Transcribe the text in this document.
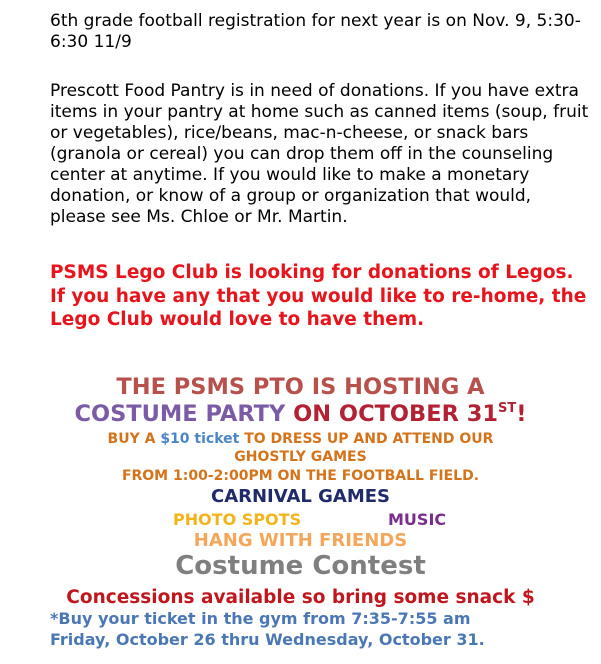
6th grade football registration for next year is on Nov. 9, 5:30-6:30 11/9
Prescott Food Pantry is in need of donations. If you have extra items in your pantry at home such as canned items (soup, fruit or vegetables), rice/beans, mac-n-cheese, or snack bars (granola or cereal) you can drop them off in the counseling center at anytime. If you would like to make a monetary donation, or know of a group or organization that would, please see Ms. Chloe or Mr. Martin.
PSMS Lego Club is looking for donations of Legos. If you have any that you would like to re-home, the Lego Club would love to have them.
THE PSMS PTO IS HOSTING A
COSTUME PARTY ON OCTOBER 31ST!
BUY A $10 ticket TO DRESS UP AND ATTEND OUR
GHOSTLY GAMES
FROM 1:00-2:00PM ON THE FOOTBALL FIELD.
CARNIVAL GAMES
PHOTO SPOTS	MUSIC
HANG WITH FRIENDS
Costume Contest
Concessions available so bring some snack $
*Buy your ticket in the gym from 7:35-7:55 am
Friday, October 26 thru Wednesday, October 31.
